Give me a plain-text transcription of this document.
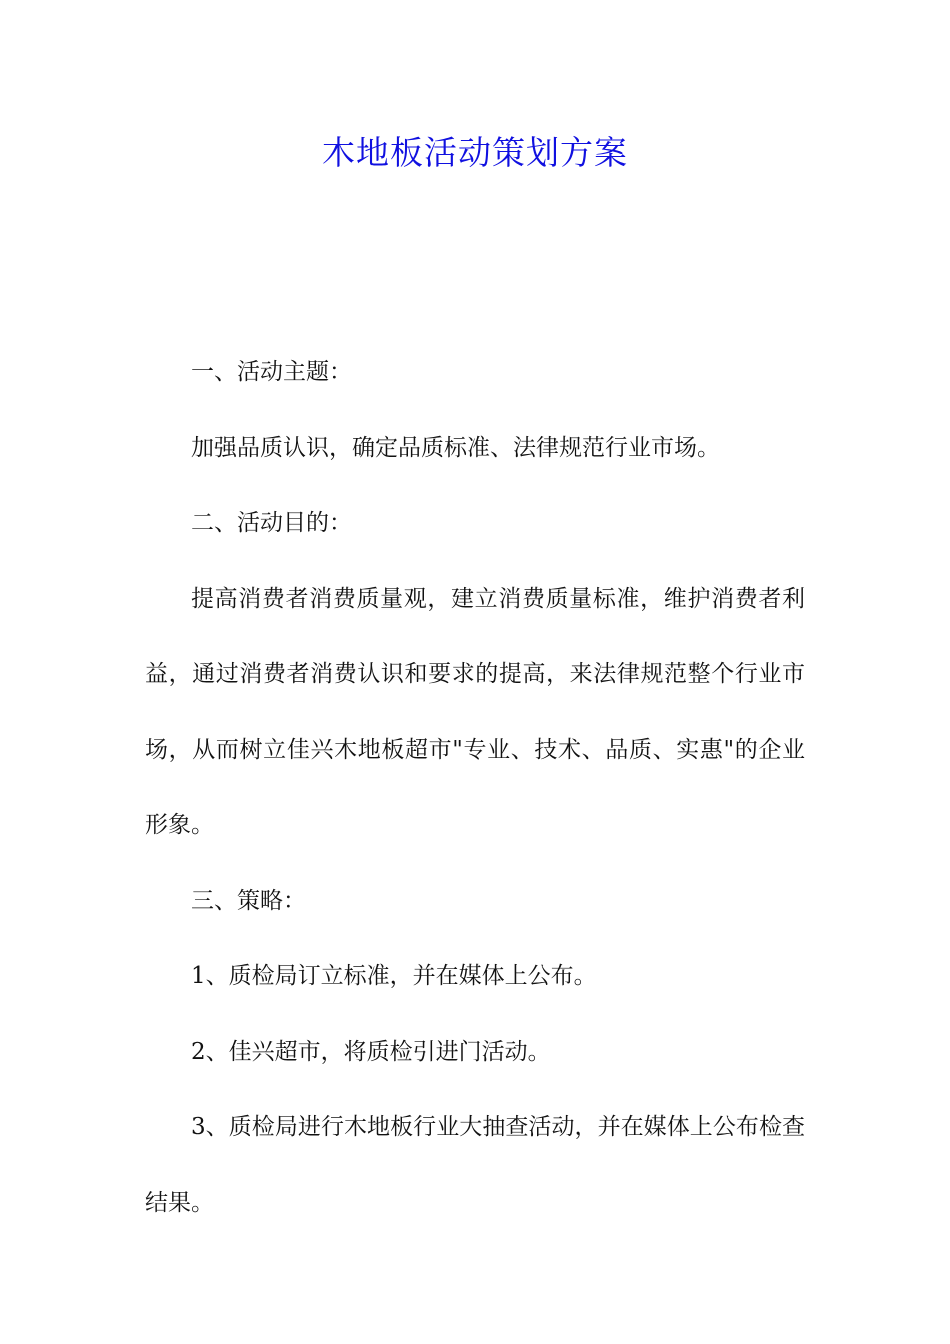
木地板活动策划方案

一、活动主题：

加强品质认识，确定品质标准、法律规范行业市场。

二、活动目的：

提高消费者消费质量观，建立消费质量标准，维护消费者利益，通过消费者消费认识和要求的提高，来法律规范整个行业市场，从而树立佳兴木地板超市"专业、技术、品质、实惠"的企业形象。

三、策略：

1、质检局订立标准，并在媒体上公布。

2、佳兴超市，将质检引进门活动。

3、质检局进行木地板行业大抽查活动，并在媒体上公布检查结果。
